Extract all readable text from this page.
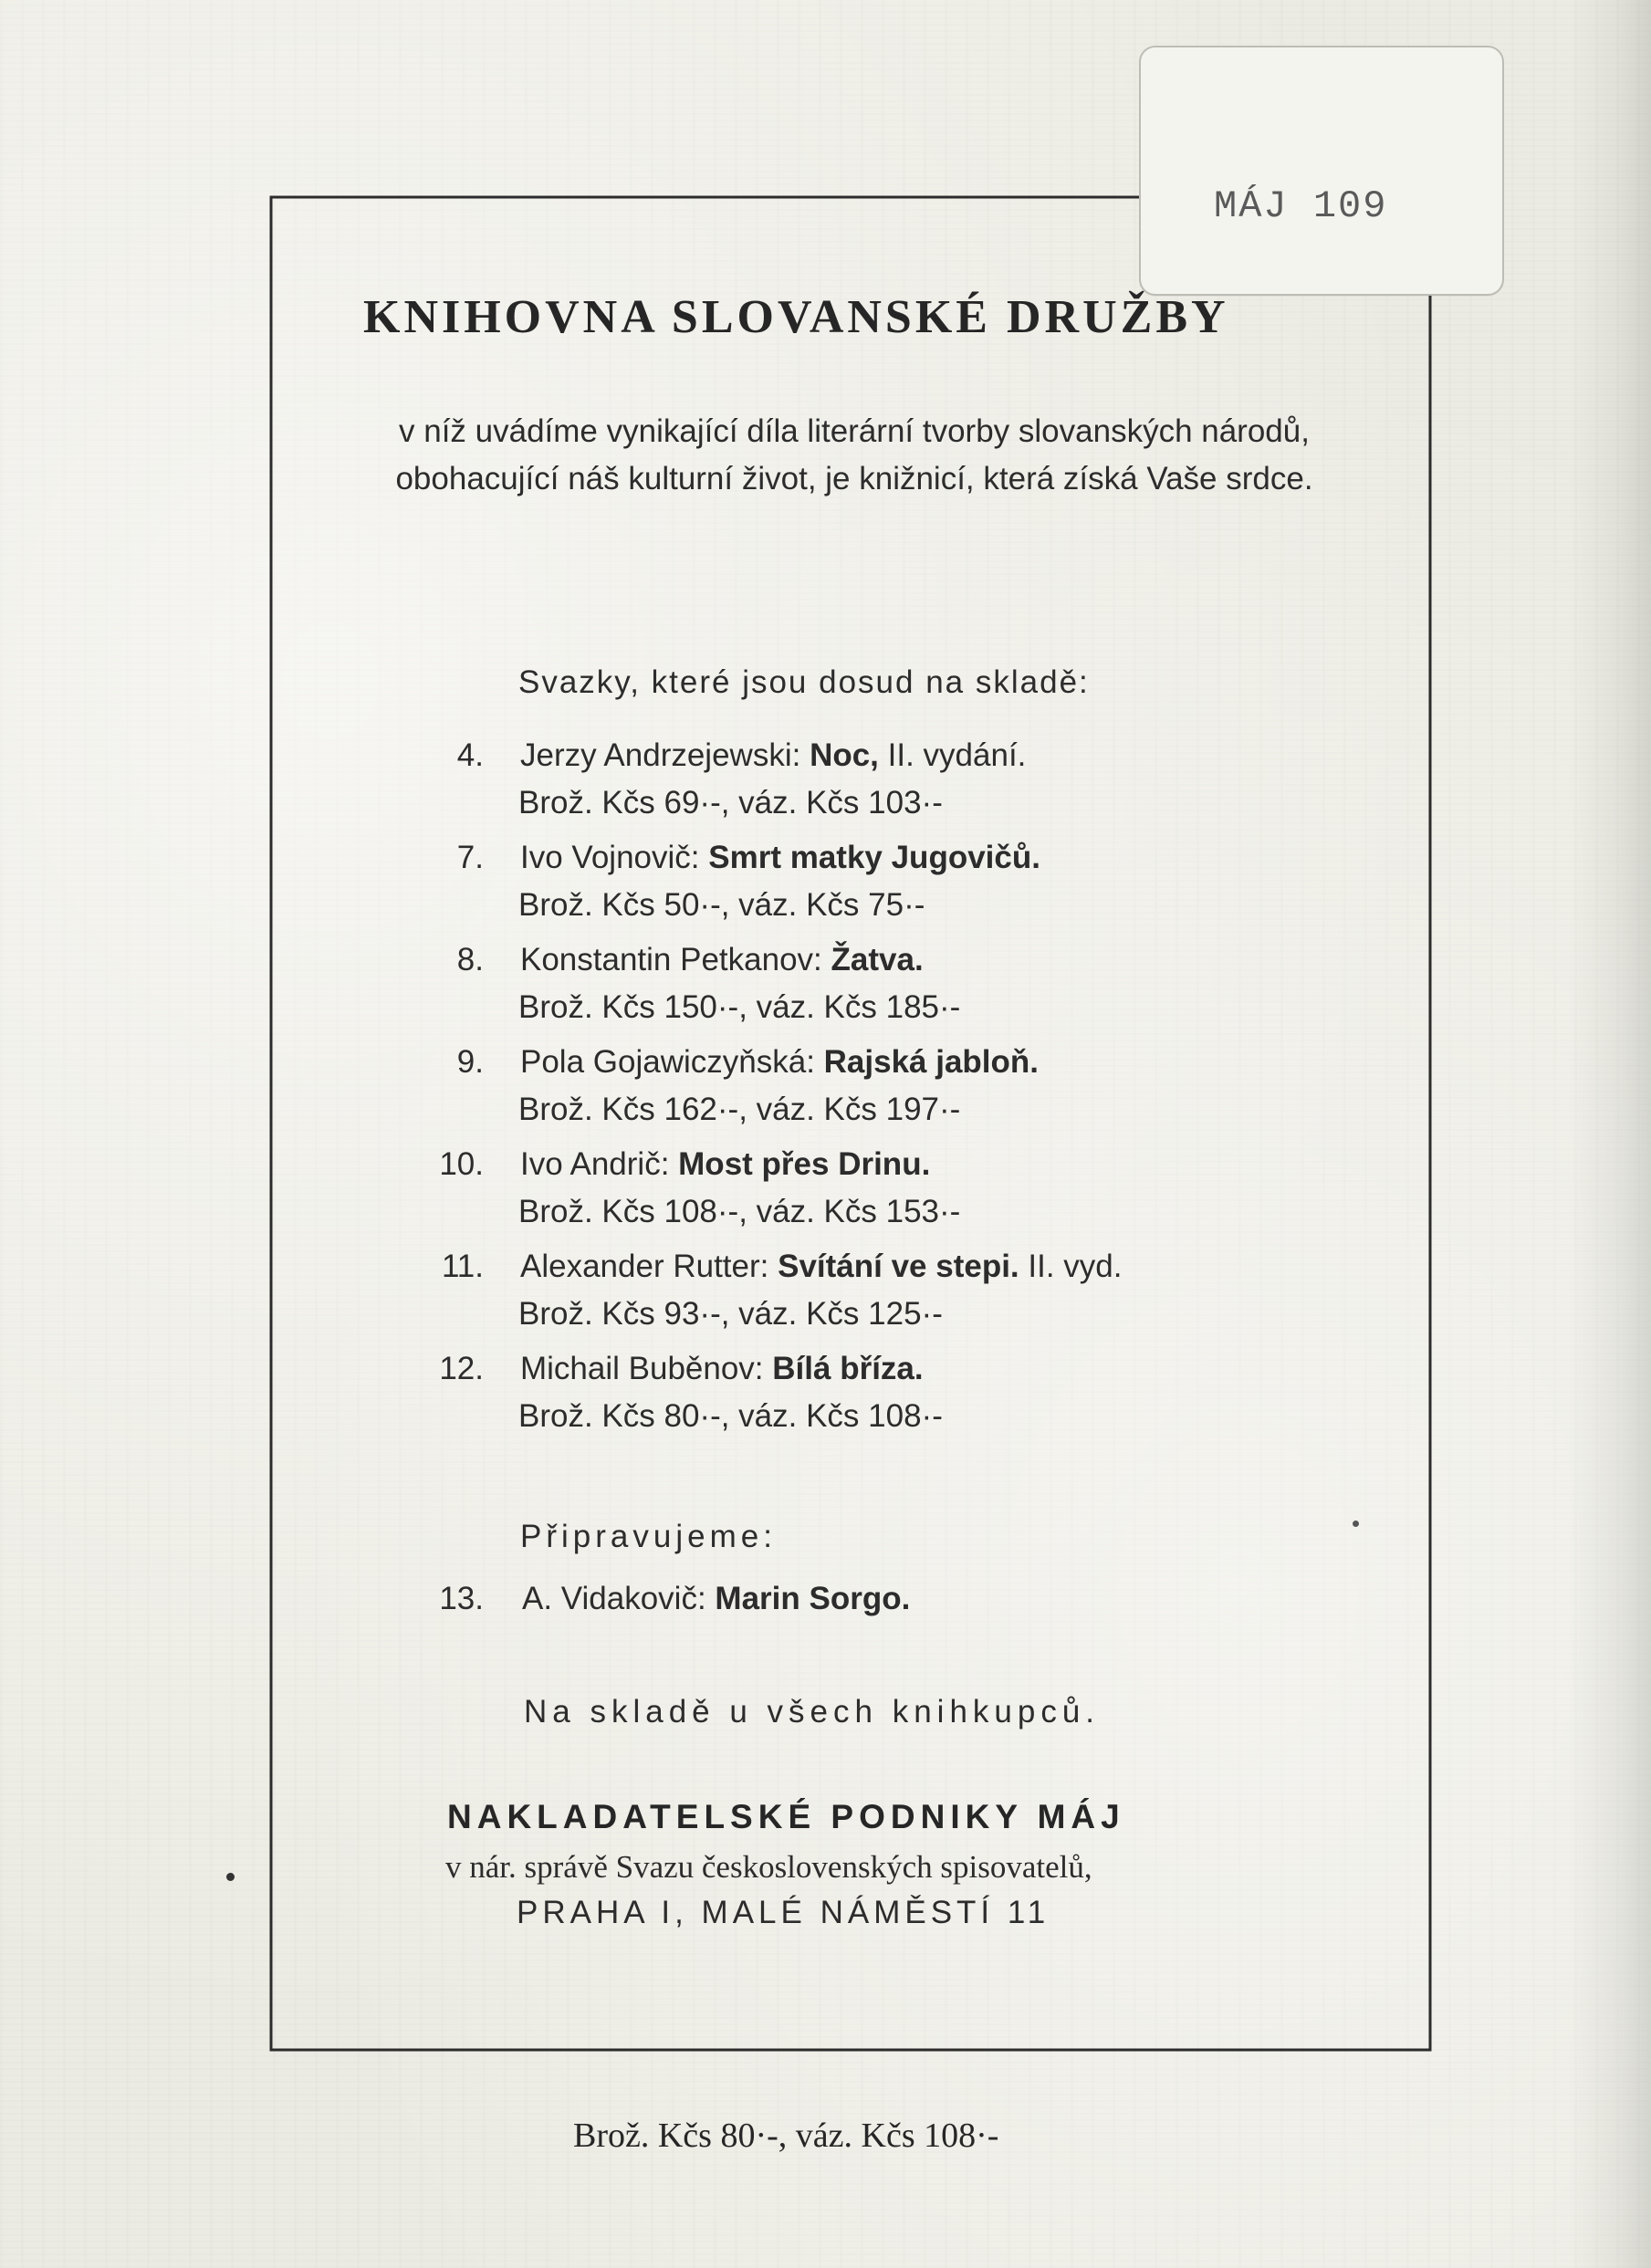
MÁJ 109
KNIHOVNA SLOVANSKÉ DRUŽBY
v níž uvádíme vynikající díla literární tvorby slovanských národů, obohacující náš kulturní život, je knižnicí, která získá Vaše srdce.
Svazky, které jsou dosud na skladě:
4. Jerzy Andrzejewski: Noc, II. vydání.
Brož. Kčs 69·-, váz. Kčs 103·-
7. Ivo Vojnovič: Smrt matky Jugovičů.
Brož. Kčs 50·-, váz. Kčs 75·-
8. Konstantin Petkanov: Žatva.
Brož. Kčs 150·-, váz. Kčs 185·-
9. Pola Gojawiczyňská: Rajská jabloň.
Brož. Kčs 162·-, váz. Kčs 197·-
10. Ivo Andrič: Most přes Drinu.
Brož. Kčs 108·-, váz. Kčs 153·-
11. Alexander Rutter: Svítání ve stepi. II. vyd.
Brož. Kčs 93·-, váz. Kčs 125·-
12. Michail Buběnov: Bílá bříza.
Brož. Kčs 80·-, váz. Kčs 108·-
Připravujeme:
13. A. Vidakovič: Marin Sorgo.
Na skladě u všech knihkupců.
NAKLADATELSKÉ PODNIKY MÁJ
v nár. správě Svazu československých spisovatelů,
PRAHA I, MALÉ NÁMĚSTÍ 11
Brož. Kčs 80·-, váz. Kčs 108·-
